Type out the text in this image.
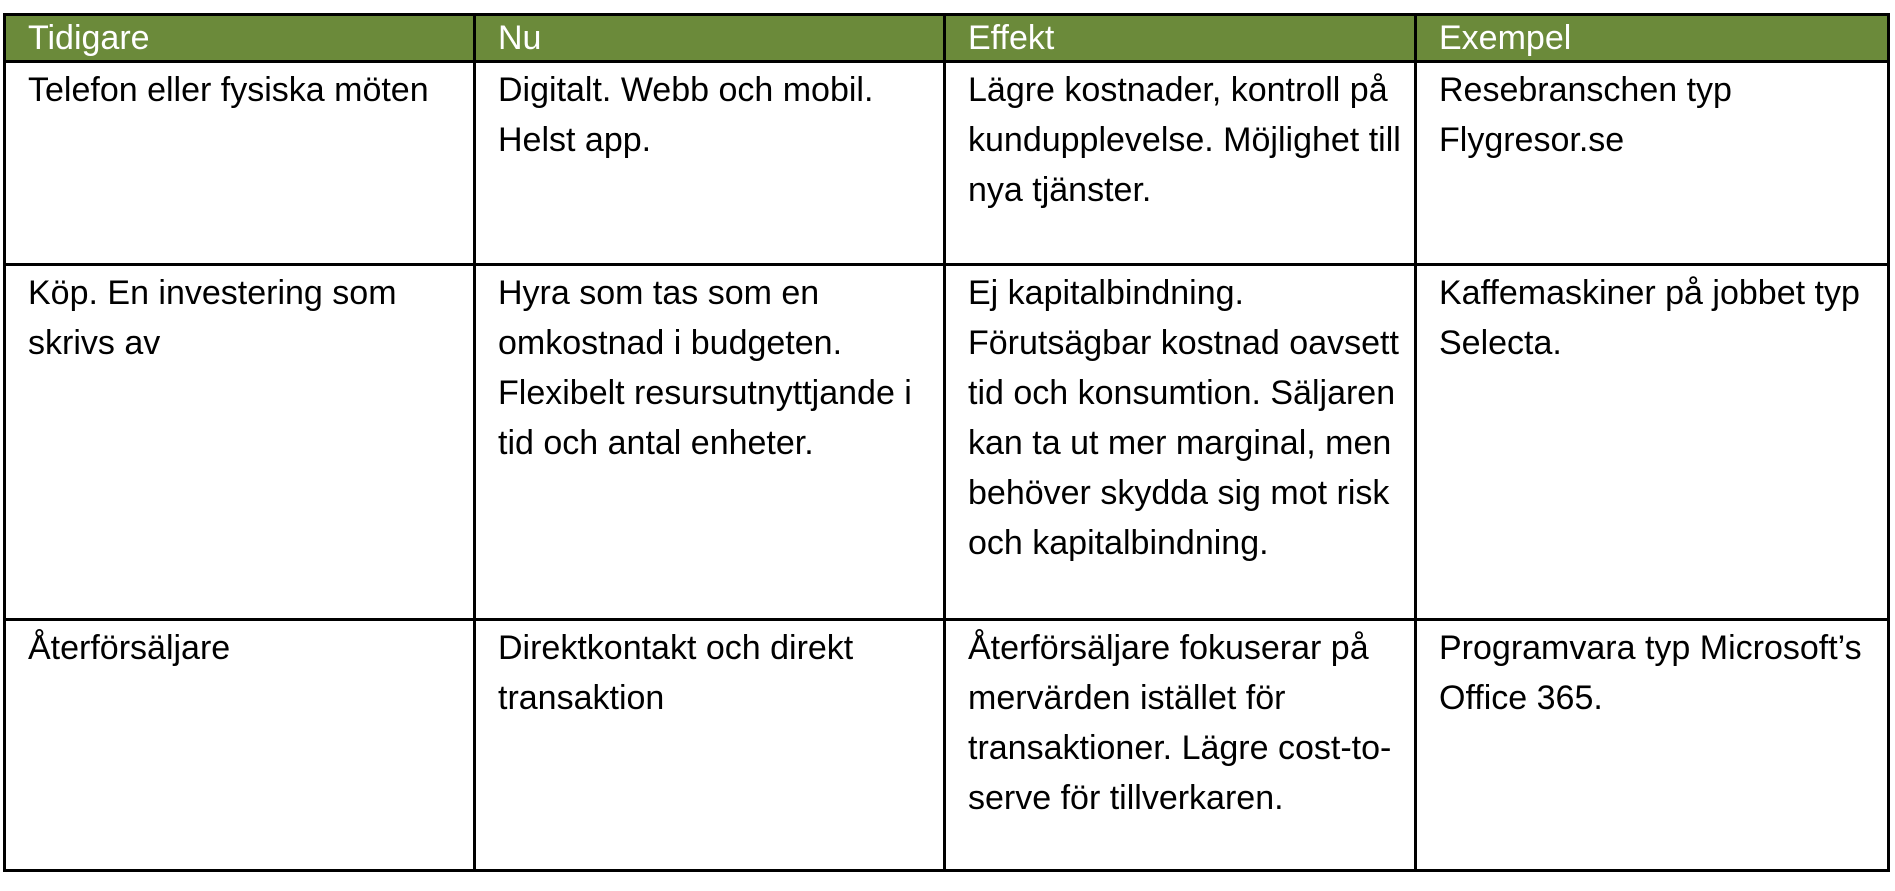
Tidigare	Nu	Effekt	Exempel
Telefon eller fysiska möten	Digitalt. Webb och mobil. Helst app.	Lägre kostnader, kontroll på kundupplevelse. Möjlighet till nya tjänster.	Resebranschen typ Flygresor.se
Köp. En investering som skrivs av	Hyra som tas som en omkostnad i budgeten. Flexibelt resursutnyttjande i tid och antal enheter.	Ej kapitalbindning. Förutsägbar kostnad oavsett tid och konsumtion. Säljaren kan ta ut mer marginal, men behöver skydda sig mot risk och kapitalbindning.	Kaffemaskiner på jobbet typ Selecta.
Återförsäljare	Direktkontakt och direkt transaktion	Återförsäljare fokuserar på mervärden istället för transaktioner. Lägre cost-to-serve för tillverkaren.	Programvara typ Microsoft’s Office 365.
